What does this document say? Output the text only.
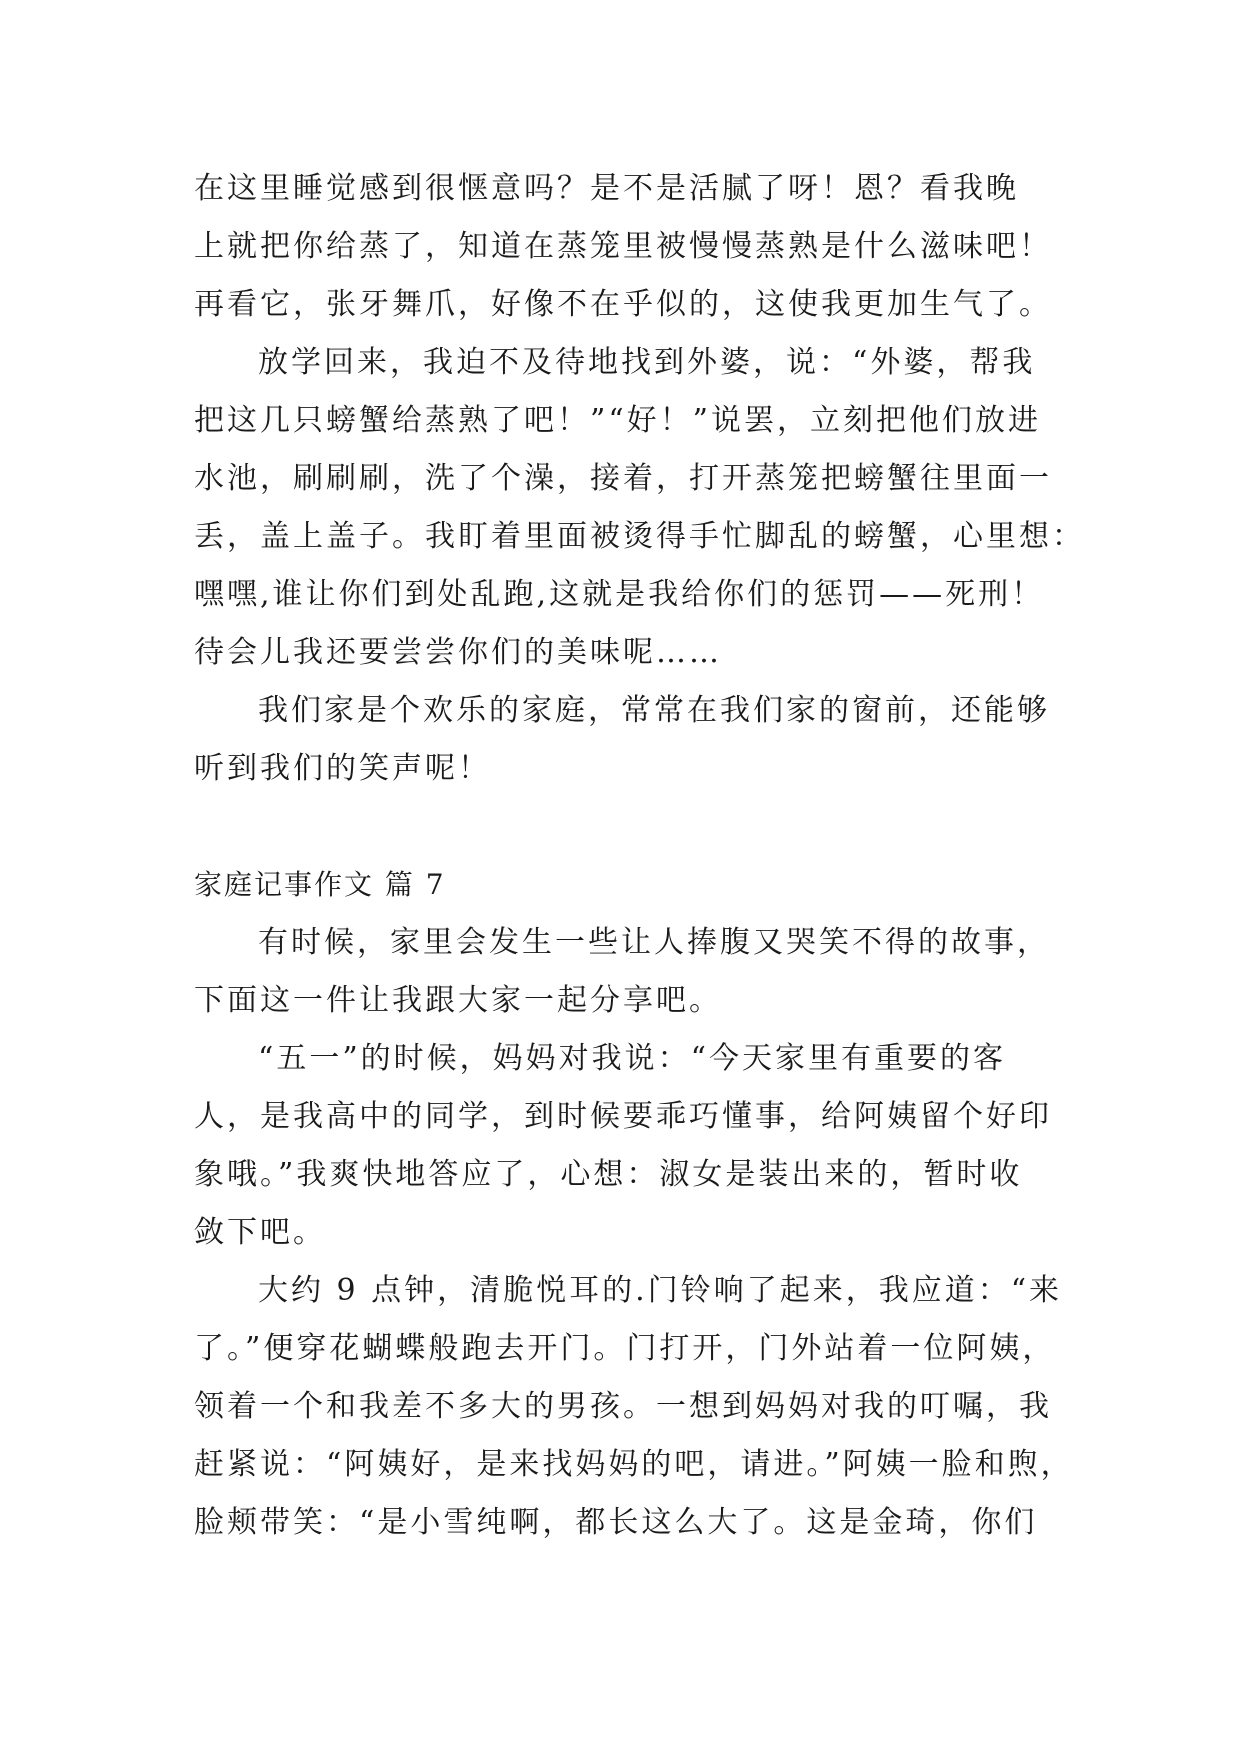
在这里睡觉感到很惬意吗？是不是活腻了呀！恩？看我晚
上就把你给蒸了，知道在蒸笼里被慢慢蒸熟是什么滋味吧！
再看它，张牙舞爪，好像不在乎似的，这使我更加生气了。
放学回来，我迫不及待地找到外婆，说：“外婆，帮我
把这几只螃蟹给蒸熟了吧！”“好！”说罢，立刻把他们放进
水池，刷刷刷，洗了个澡，接着，打开蒸笼把螃蟹往里面一
丢，盖上盖子。我盯着里面被烫得手忙脚乱的螃蟹，心里想：
嘿嘿,谁让你们到处乱跑,这就是我给你们的惩罚——死刑！
待会儿我还要尝尝你们的美味呢……
我们家是个欢乐的家庭，常常在我们家的窗前，还能够
听到我们的笑声呢！
家庭记事作文 篇 7
有时候，家里会发生一些让人捧腹又哭笑不得的故事，
下面这一件让我跟大家一起分享吧。
“五一”的时候，妈妈对我说：“今天家里有重要的客
人，是我高中的同学，到时候要乖巧懂事，给阿姨留个好印
象哦。”我爽快地答应了，心想：淑女是装出来的，暂时收
敛下吧。
大约 9 点钟，清脆悦耳的.门铃响了起来，我应道：“来
了。”便穿花蝴蝶般跑去开门。门打开，门外站着一位阿姨，
领着一个和我差不多大的男孩。一想到妈妈对我的叮嘱，我
赶紧说：“阿姨好，是来找妈妈的吧，请进。”阿姨一脸和煦，
脸颊带笑：“是小雪纯啊，都长这么大了。这是金琦，你们
